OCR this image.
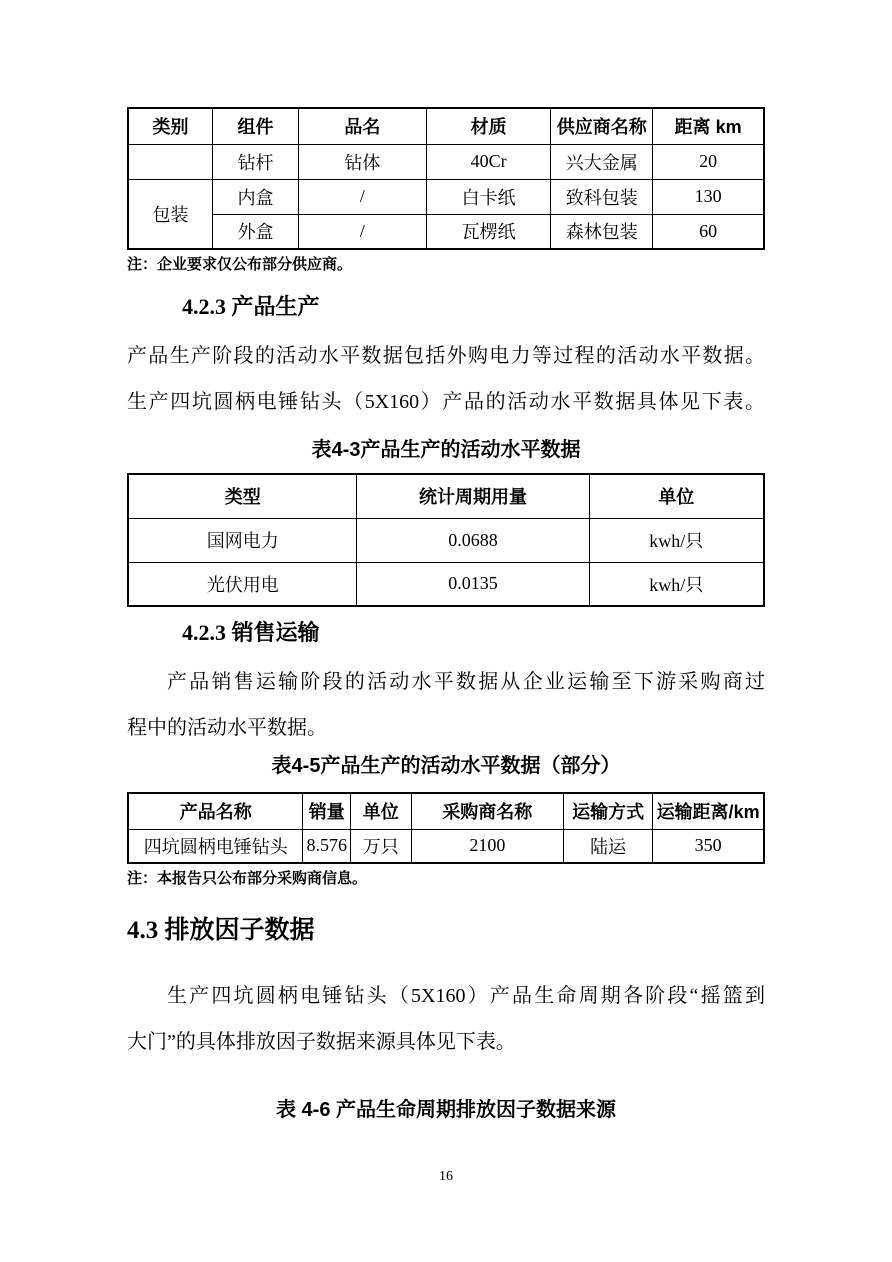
类别	组件	品名	材质	供应商名称	距离 km
	钻杆	钻体	40Cr	兴大金属	20
包装	内盒	/	白卡纸	致科包装	130
	外盒	/	瓦楞纸	森林包装	60
注：企业要求仅公布部分供应商。
4.2.3 产品生产
产品生产阶段的活动水平数据包括外购电力等过程的活动水平数据。
生产四坑圆柄电锤钻头（5X160）产品的活动水平数据具体见下表。
表4-3产品生产的活动水平数据
类型	统计周期用量	单位
国网电力	0.0688	kwh/只
光伏用电	0.0135	kwh/只
4.2.3 销售运输
产品销售运输阶段的活动水平数据从企业运输至下游采购商过
程中的活动水平数据。
表4-5产品生产的活动水平数据（部分）
产品名称	销量	单位	采购商名称	运输方式	运输距离/km
四坑圆柄电锤钻头	8.576	万只	2100	陆运	350
注：本报告只公布部分采购商信息。
4.3 排放因子数据
生产四坑圆柄电锤钻头（5X160）产品生命周期各阶段“摇篮到
大门”的具体排放因子数据来源具体见下表。
表 4-6 产品生命周期排放因子数据来源
16
